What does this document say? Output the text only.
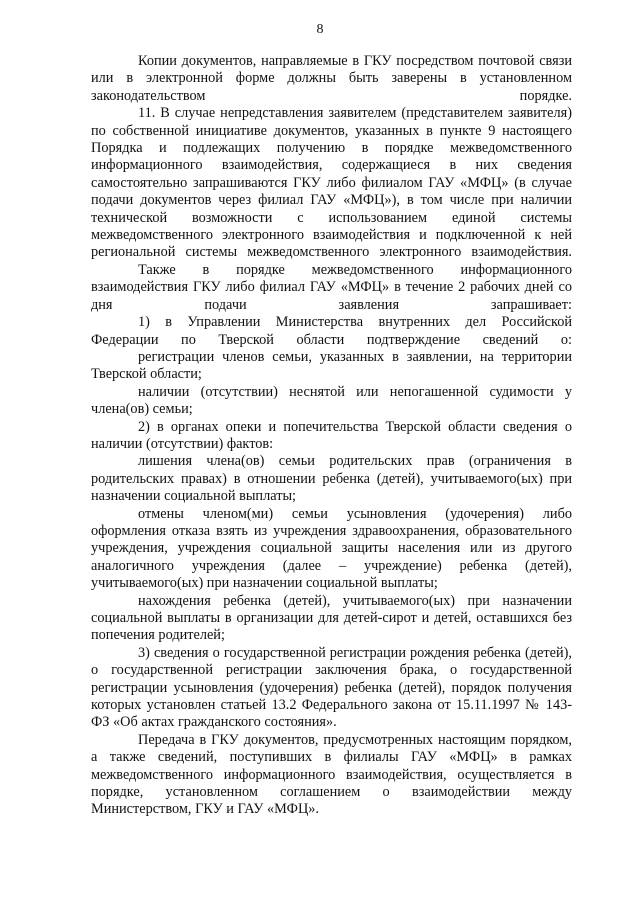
8

Копии документов, направляемые в ГКУ посредством почтовой связи или в электронной форме должны быть заверены в установленном законодательством порядке.

11. В случае непредставления заявителем (представителем заявителя) по собственной инициативе документов, указанных в пункте 9 настоящего Порядка и подлежащих получению в порядке межведомственного информационного взаимодействия, содержащиеся в них сведения самостоятельно запрашиваются ГКУ либо филиалом ГАУ «МФЦ» (в случае подачи документов через филиал ГАУ «МФЦ»), в том числе при наличии технической возможности с использованием единой системы межведомственного электронного взаимодействия и подключенной к ней региональной системы межведомственного электронного взаимодействия.

Также в порядке межведомственного информационного взаимодействия ГКУ либо филиал ГАУ «МФЦ» в течение 2 рабочих дней со дня подачи заявления запрашивает:

1) в Управлении Министерства внутренних дел Российской Федерации по Тверской области подтверждение сведений о:

регистрации членов семьи, указанных в заявлении, на территории Тверской области;

наличии (отсутствии) неснятой или непогашенной судимости у члена(ов) семьи;

2) в органах опеки и попечительства Тверской области сведения о наличии (отсутствии) фактов:

лишения члена(ов) семьи родительских прав (ограничения в родительских правах) в отношении ребенка (детей), учитываемого(ых) при назначении социальной выплаты;

отмены членом(ми) семьи усыновления (удочерения) либо оформления отказа взять из учреждения здравоохранения, образовательного учреждения, учреждения социальной защиты населения или из другого аналогичного учреждения (далее – учреждение) ребенка (детей), учитываемого(ых) при назначении социальной выплаты;

нахождения ребенка (детей), учитываемого(ых) при назначении социальной выплаты в организации для детей-сирот и детей, оставшихся без попечения родителей;

3) сведения о государственной регистрации рождения ребенка (детей), о государственной регистрации заключения брака, о государственной регистрации усыновления (удочерения) ребенка (детей), порядок получения которых установлен статьей 13.2 Федерального закона от 15.11.1997 № 143-ФЗ «Об актах гражданского состояния».

Передача в ГКУ документов, предусмотренных настоящим порядком, а также сведений, поступивших в филиалы ГАУ «МФЦ» в рамках межведомственного информационного взаимодействия, осуществляется в порядке, установленном соглашением о взаимодействии между Министерством, ГКУ и ГАУ «МФЦ».
